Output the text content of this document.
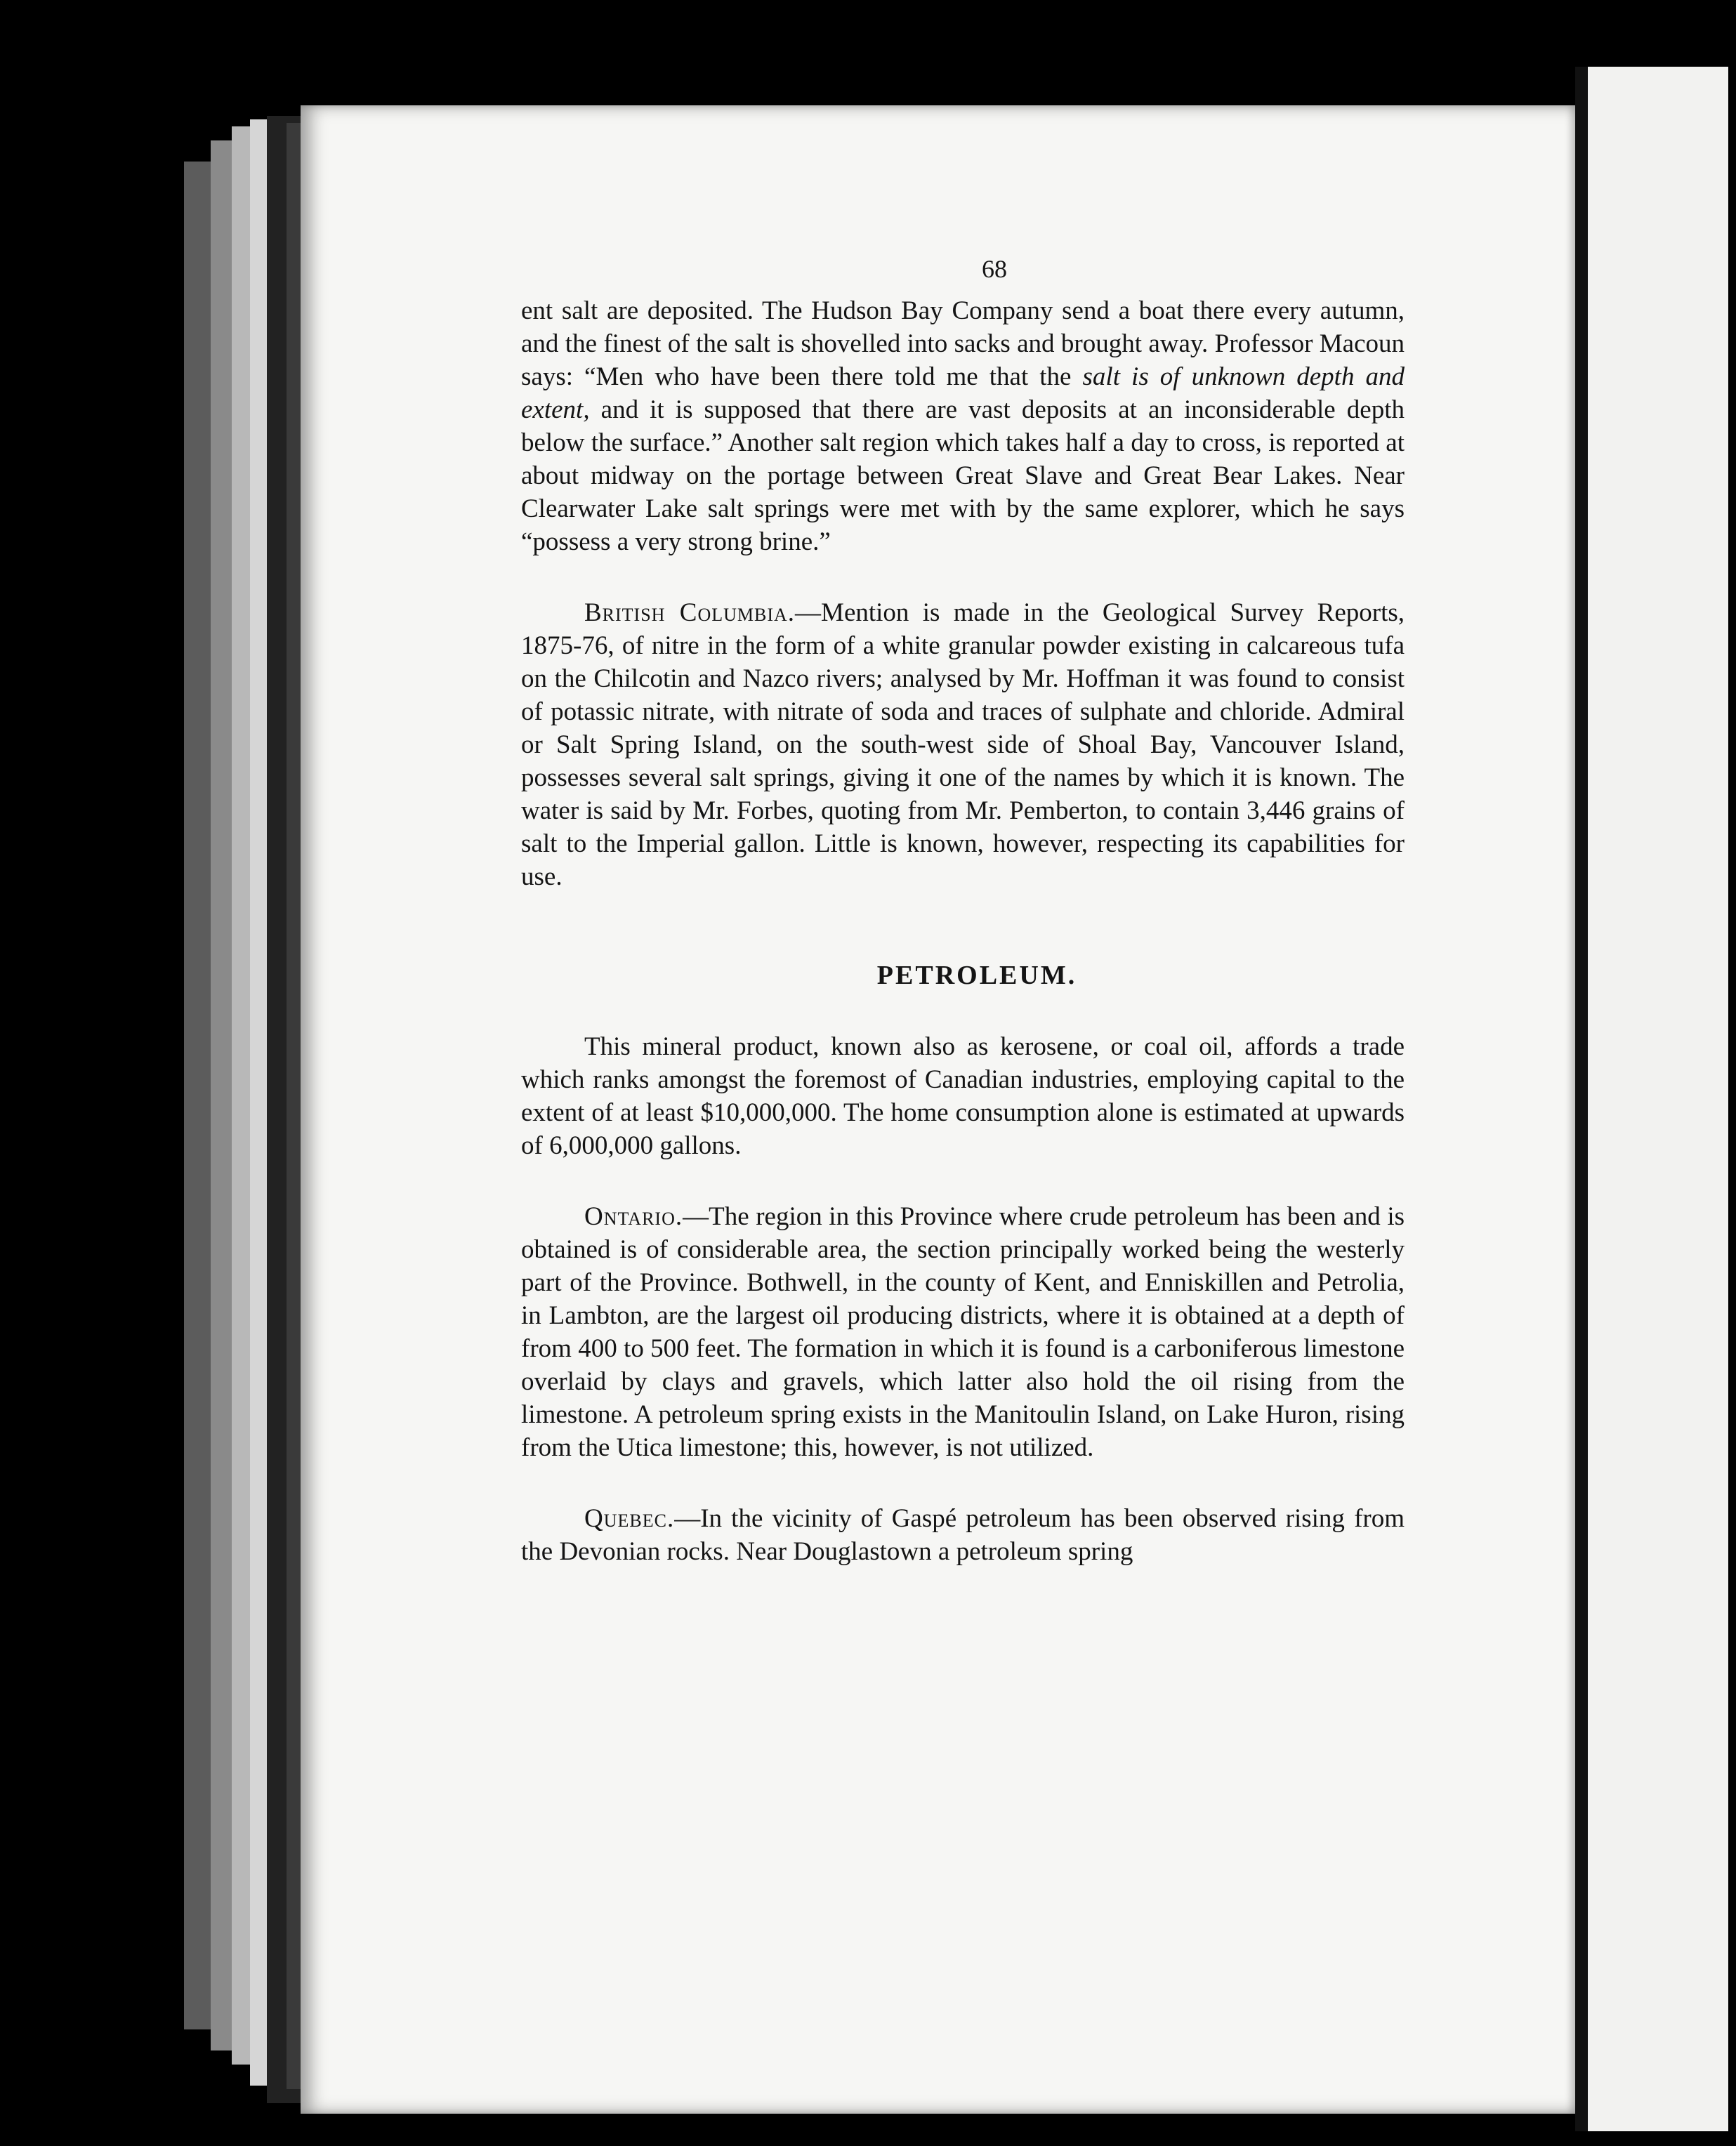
68

ent salt are deposited. The Hudson Bay Company send a boat there every autumn, and the finest of the salt is shovelled into sacks and brought away. Professor Macoun says: “Men who have been there told me that the salt is of unknown depth and extent, and it is supposed that there are vast deposits at an inconsiderable depth below the surface.” Another salt region which takes half a day to cross, is reported at about midway on the portage between Great Slave and Great Bear Lakes. Near Clearwater Lake salt springs were met with by the same explorer, which he says “possess a very strong brine.”

British Columbia.—Mention is made in the Geological Survey Reports, 1875-76, of nitre in the form of a white granular powder existing in calcareous tufa on the Chilcotin and Nazco rivers; analysed by Mr. Hoffman it was found to consist of potassic nitrate, with nitrate of soda and traces of sulphate and chloride. Admiral or Salt Spring Island, on the south-west side of Shoal Bay, Vancouver Island, possesses several salt springs, giving it one of the names by which it is known. The water is said by Mr. Forbes, quoting from Mr. Pemberton, to contain 3,446 grains of salt to the Imperial gallon. Little is known, however, respecting its capabilities for use.

PETROLEUM.

This mineral product, known also as kerosene, or coal oil, affords a trade which ranks amongst the foremost of Canadian industries, employing capital to the extent of at least $10,000,000. The home consumption alone is estimated at upwards of 6,000,000 gallons.

Ontario.—The region in this Province where crude petroleum has been and is obtained is of considerable area, the section principally worked being the westerly part of the Province. Bothwell, in the county of Kent, and Enniskillen and Petrolia, in Lambton, are the largest oil producing districts, where it is obtained at a depth of from 400 to 500 feet. The formation in which it is found is a carboniferous limestone overlaid by clays and gravels, which latter also hold the oil rising from the limestone. A petroleum spring exists in the Manitoulin Island, on Lake Huron, rising from the Utica limestone; this, however, is not utilized.

Quebec.—In the vicinity of Gaspé petroleum has been observed rising from the Devonian rocks. Near Douglastown a petroleum spring
